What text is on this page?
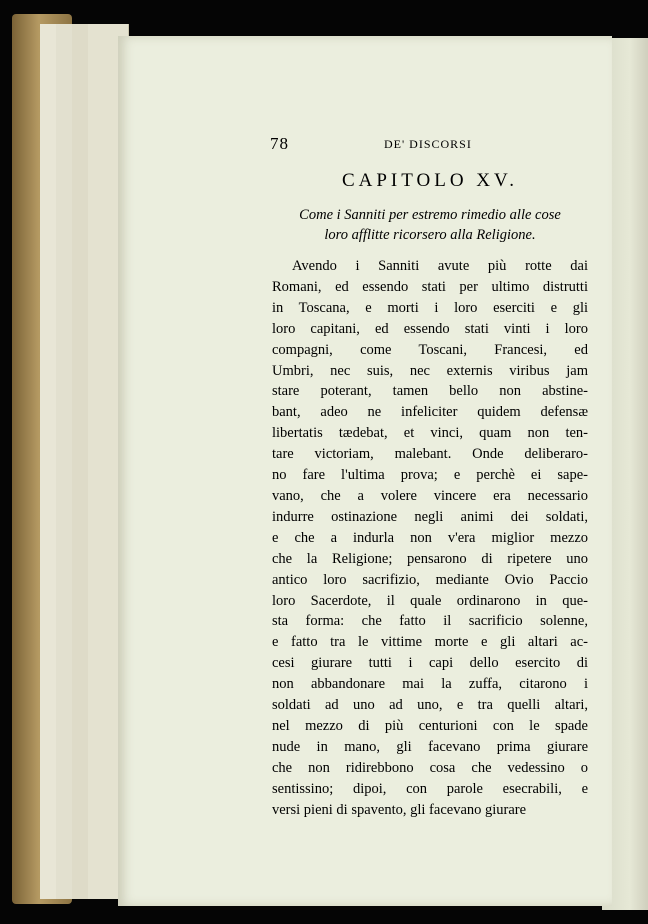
78	DE' DISCORSI
CAPITOLO XV.
Come i Sanniti per estremo rimedio alle cose
loro afflitte ricorsero alla Religione.
Avendo i Sanniti avute più rotte dai
Romani, ed essendo stati per ultimo distrutti
in Toscana, e morti i loro eserciti e gli
loro capitani, ed essendo stati vinti i loro
compagni, come Toscani, Francesi, ed
Umbri, nec suis, nec externis viribus jam
stare poterant, tamen bello non abstine-
bant, adeo ne infeliciter quidem defensæ
libertatis tædebat, et vinci, quam non ten-
tare victoriam, malebant. Onde deliberaro-
no fare l'ultima prova; e perchè ei sape-
vano, che a volere vincere era necessario
indurre ostinazione negli animi dei soldati,
e che a indurla non v'era miglior mezzo
che la Religione; pensarono di ripetere uno
antico loro sacrifizio, mediante Ovio Paccio
loro Sacerdote, il quale ordinarono in que-
sta forma: che fatto il sacrificio solenne,
e fatto tra le vittime morte e gli altari ac-
cesi giurare tutti i capi dello esercito di
non abbandonare mai la zuffa, citarono i
soldati ad uno ad uno, e tra quelli altari,
nel mezzo di più centurioni con le spade
nude in mano, gli facevano prima giurare
che non ridirebbono cosa che vedessino o
sentissino; dipoi, con parole esecrabili, e
versi pieni di spavento, gli facevano giurare
